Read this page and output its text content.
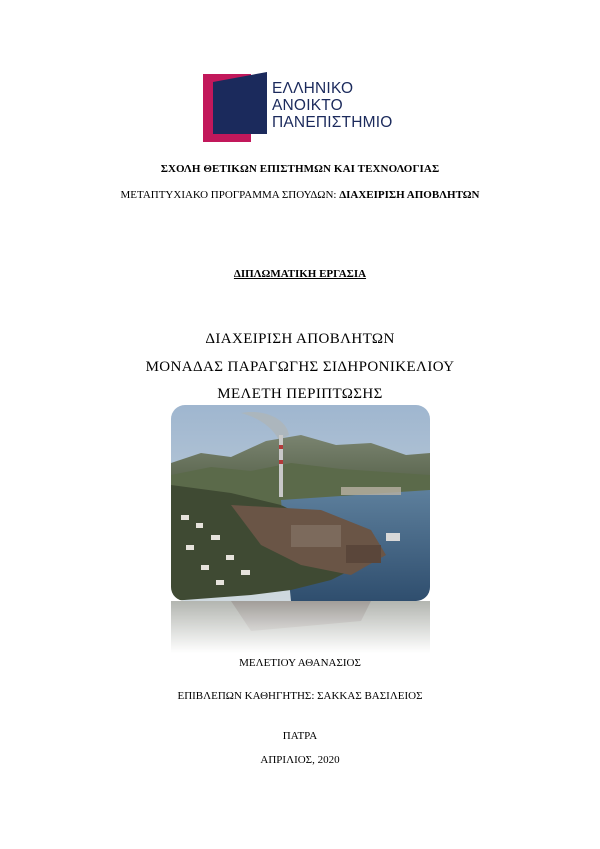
ΕΛΛΗΝΙΚΟ
ΑΝΟΙΚΤΟ
ΠΑΝΕΠΙΣΤΗΜΙΟ
ΣΧΟΛΗ ΘΕΤΙΚΩΝ ΕΠΙΣΤΗΜΩΝ ΚΑΙ ΤΕΧΝΟΛΟΓΙΑΣ
ΜΕΤΑΠΤΥΧΙΑΚΟ ΠΡΟΓΡΑΜΜΑ ΣΠΟΥΔΩΝ: ΔΙΑΧΕΙΡΙΣΗ ΑΠΟΒΛΗΤΩΝ
ΔΙΠΛΩΜΑΤΙΚΗ ΕΡΓΑΣΙΑ
ΔΙΑΧΕΙΡΙΣΗ ΑΠΟΒΛΗΤΩΝ
ΜΟΝΑΔΑΣ ΠΑΡΑΓΩΓΗΣ ΣΙΔΗΡΟΝΙΚΕΛΙΟΥ
ΜΕΛΕΤΗ ΠΕΡΙΠΤΩΣΗΣ
ΜΕΛΕΤΙΟΥ ΑΘΑΝΑΣΙΟΣ
ΕΠΙΒΛΕΠΩΝ ΚΑΘΗΓΗΤΗΣ: ΣΑΚΚΑΣ ΒΑΣΙΛΕΙΟΣ
ΠΑΤΡΑ
ΑΠΡΙΛΙΟΣ, 2020
